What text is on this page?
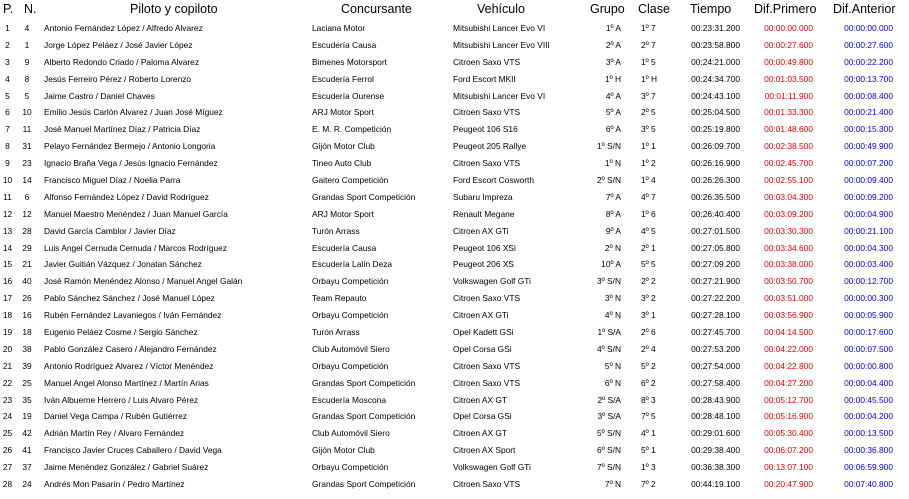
P. N.	Piloto y copiloto	Concursante	Vehículo	Grupo Clase Tiempo Dif.Primero Dif.Anterior
1	4	Antonio Fernández López / Alfredo Alvarez	Laciana Motor	Mitsubishi Lancer Evo VI	1º A 1º 7	00:23:31.200	00:00:00.000	00:00:00.000
2	1	Jorge López Peláez / José Javier López	Escudería Causa	Mitsubishi Lancer Evo VIII	2º A 2º 7	00:23:58.800	00:00:27.600	00:00:27.600
3	9	Alberto Redondo Criado / Paloma Alvarez	Bimenes Motorsport	Citroen Saxo VTS	3º A 1º 5	00:24:21.000	00:00:49.800	00:00:22.200
4	8	Jesús Ferreiro Pérez / Roberto Lorenzo	Escudería Ferrol	Ford Escort MKII	1º H 1º H	00:24:34.700	00:01:03.500	00:00:13.700
5	5	Jaime Castro / Daniel Chaves	Escudería Ourense	Mitsubishi Lancer Evo VI	4º A 3º 7	00:24:43.100	00:01:11.900	00:00:08.400
6	10	Emilio Jesús Carlón Alvarez / Juan José Míguez	ARJ Motor Sport	Citroen Saxo VTS	5º A 2º 5	00:25:04.500	00:01:33.300	00:00:21.400
7	11	José Manuel Martínez Díaz / Patricia Díaz	E. M. R. Competición	Peugeot 106 S16	6º A 3º 5	00:25:19.800	00:01:48.600	00:00:15.300
8	31	Pelayo Fernández Bermejo / Antonio Longoria	Gijón Motor Club	Peugeot 205 Rallye	1º S/N 1º 1	00:26:09.700	00:02:38.500	00:00:49.900
9	23	Ignacio Braña Vega / Jesús Ignacio Fernández	Tineo Auto Club	Citroen Saxo VTS	1º N 1º 2	00:26:16.900	00:02:45.700	00:00:07.200
10	14	Francisco Miguel Díaz / Noelia Parra	Gaitero Competición	Ford Escort Cosworth	2º S/N 1º 4	00:26:26.300	00:02:55.100	00:00:09.400
11	6	Alfonso Fernández López / David Rodríguez	Grandas Sport Competición	Subaru Impreza	7º A 4º 7	00:26:35.500	00:03:04.300	00:00:09.200
12	12	Manuel Maestro Menéndez / Juan Manuel García	ARJ Motor Sport	Renault Megane	8º A 1º 6	00:26:40.400	00:03:09.200	00:00:04.900
13	28	David García Camblor / Javier Díaz	Turón Arrass	Citroen AX GTi	9º A 4º 5	00:27:01.500	00:03:30.300	00:00:21.100
14	29	Luis Angel Cernuda Cernuda / Marcos Rodríguez	Escudería Causa	Peugeot 106 XSi	2º N 2º 1	00:27:05.800	00:03:34.600	00:00:04.300
15	21	Javier Guitián Vázquez / Jonatan Sánchez	Escudería Lalín Deza	Peugeot 206 XS	10º A 5º 5	00:27:09.200	00:03:38.000	00:00:03.400
16	40	José Ramón Menéndez Alonso / Manuel Angel Galán	Orbayu Competición	Volkswagen Golf GTi	3º S/N 2º 2	00:27:21.900	00:03:50.700	00:00:12.700
17	26	Pablo Sánchez Sánchez / José Manuel López	Team Repauto	Citroen Saxo VTS	3º N 3º 2	00:27:22.200	00:03:51.000	00:00:00.300
18	16	Rubén Fernández Lavaniegos / Iván Fernández	Orbayu Competición	Citroen AX GTi	4º N 3º 1	00:27:28.100	00:03:56.900	00:00:05.900
19	18	Eugenio Peláez Cosme / Sergio Sánchez	Turón Arrass	Opel Kadett GSi	1º S/A 2º 6	00:27:45.700	00:04:14.500	00:00:17.600
20	38	Pablo González Casero / Alejandro Fernández	Club Automóvil Siero	Opel Corsa GSi	4º S/N 2º 4	00:27:53.200	00:04:22.000	00:00:07.500
21	39	Antonio Rodríguez Alvarez / Víctor Menéndez	Orbayu Competición	Citroen Saxo VTS	5º N 5º 2	00:27:54.000	00:04:22.800	00:00:00.800
22	25	Manuel Angel Alonso Martínez / Martín Arias	Grandas Sport Competición	Citroen Saxo VTS	6º N 6º 2	00:27:58.400	00:04:27.200	00:00:04.400
23	35	Iván Albuerne Herrero / Luis Alvaro Pérez	Escudería Moscona	Citroen AX GT	2º S/A 8º 3	00:28:43.900	00:05:12.700	00:00:45.500
24	19	Daniel Vega Campa / Rubén Gutiérrez	Grandas Sport Competición	Opel Corsa GSi	3º S/A 7º 5	00:28:48.100	00:05:16.900	00:00:04.200
25	42	Adrián Martín Rey / Alvaro Fernández	Club Automóvil Siero	Citroen AX GT	5º S/N 4º 1	00:29:01.600	00:05:30.400	00:00:13.500
26	41	Francisco Javier Cruces Caballero / David Vega	Gijón Motor Club	Citroen AX Sport	6º S/N 5º 1	00:29:38.400	00:06:07.200	00:00:36.800
27	37	Jaime Menéndez González / Gabriel Suárez	Orbayu Competición	Volkswagen Golf GTi	7º S/N 1º 3	00:36:38.300	00:13:07.100	00:06:59.900
28	24	Andrés Mon Pasarín / Pedro Martínez	Grandas Sport Competición	Citroen Saxo VTS	7º N 7º 2	00:44:19.100	00:20:47.900	00:07:40.800
